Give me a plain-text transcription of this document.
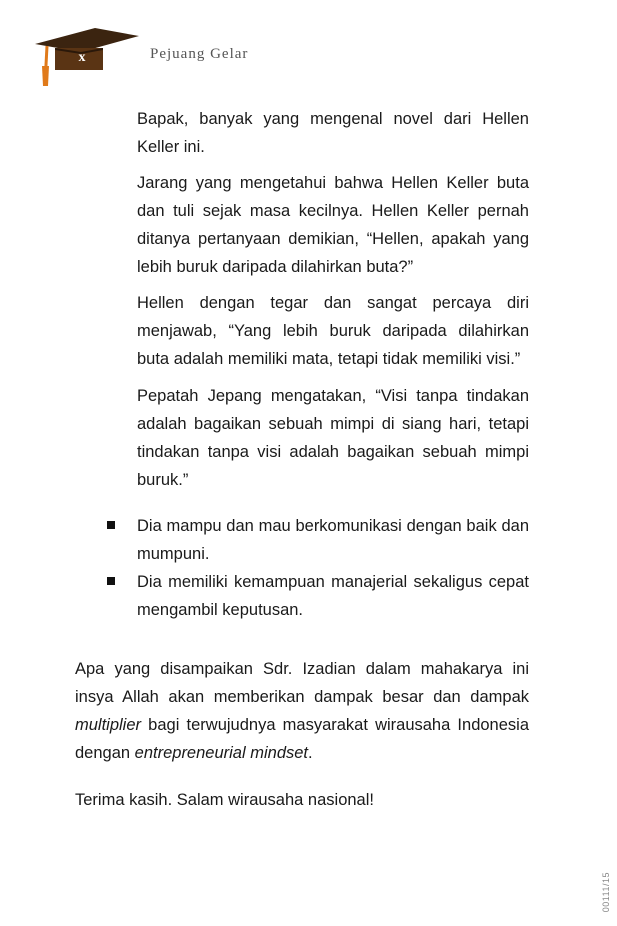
x	Pejuang Gelar

Bapak, banyak yang mengenal novel dari Hellen Keller ini.

Jarang yang mengetahui bahwa Hellen Keller buta dan tuli sejak masa kecilnya. Hellen Keller pernah ditanya pertanyaan demikian, “Hellen, apakah yang lebih buruk daripada dilahirkan buta?”

Hellen dengan tegar dan sangat percaya diri menjawab, “Yang lebih buruk daripada dilahirkan buta adalah memiliki mata, tetapi tidak memiliki visi.”

Pepatah Jepang mengatakan, “Visi tanpa tindakan adalah bagaikan sebuah mimpi di siang hari, tetapi tindakan tanpa visi adalah bagaikan sebuah mimpi buruk.”

Dia mampu dan mau berkomunikasi dengan baik dan mumpuni.

Dia memiliki kemampuan manajerial sekaligus cepat mengambil keputusan.

Apa yang disampaikan Sdr. Izadian dalam mahakarya ini insya Allah akan memberikan dampak besar dan dampak multiplier bagi terwujudnya masyarakat wirausaha Indonesia dengan entrepreneurial mindset.

Terima kasih. Salam wirausaha nasional!

00111/15
